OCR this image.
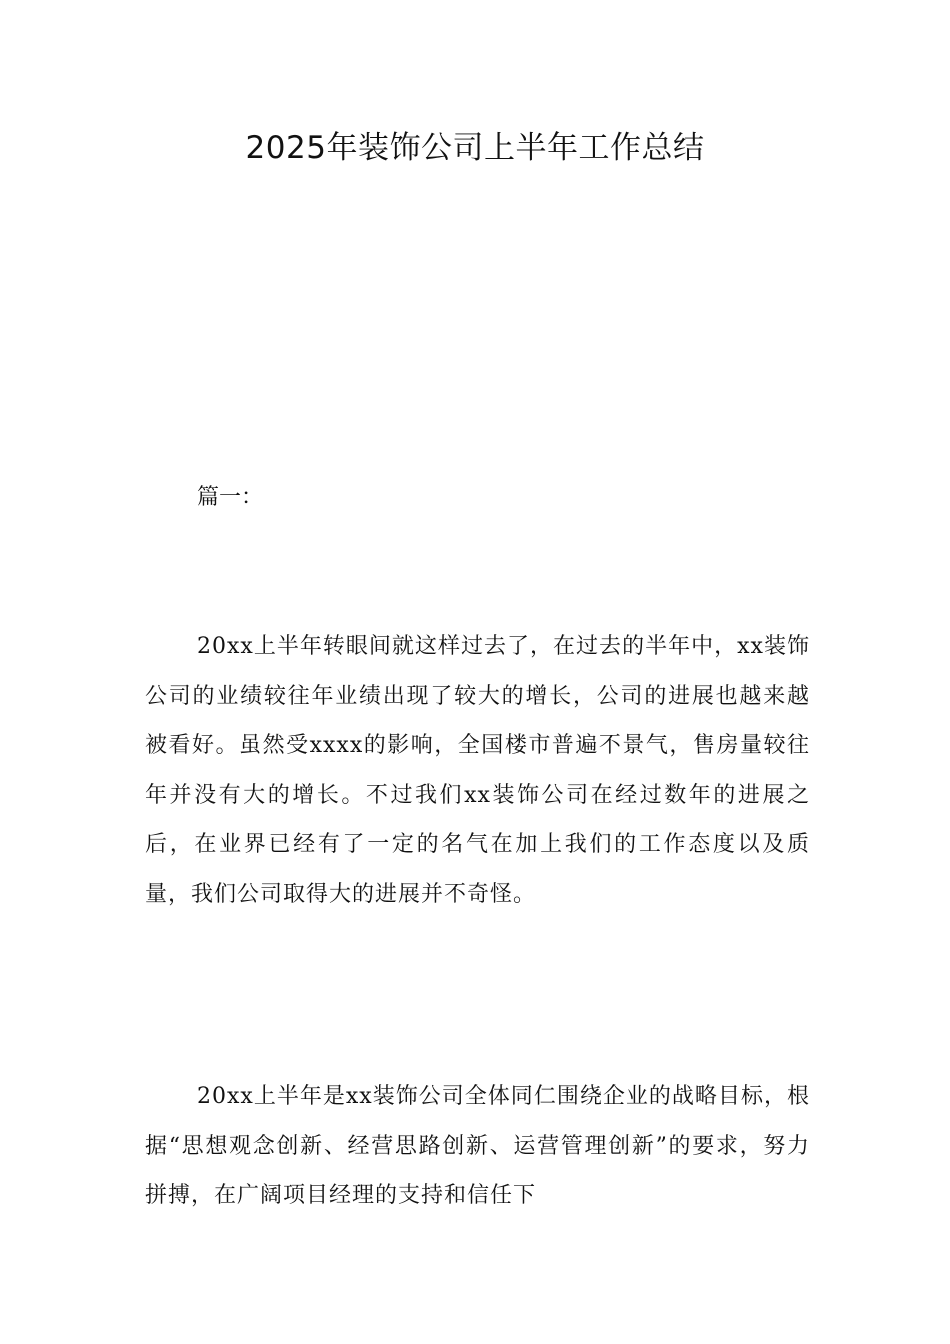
2025年装饰公司上半年工作总结
篇一：

20xx上半年转眼间就这样过去了，在过去的半年中，xx装饰公司的业绩较往年业绩出现了较大的增长，公司的进展也越来越被看好。虽然受xxxx的影响，全国楼市普遍不景气，售房量较往年并没有大的增长。不过我们xx装饰公司在经过数年的进展之后，在业界已经有了一定的名气在加上我们的工作态度以及质量，我们公司取得大的进展并不奇怪。

20xx上半年是xx装饰公司全体同仁围绕企业的战略目标，根据“思想观念创新、经营思路创新、运营管理创新”的要求，努力拼搏，在广阔项目经理的支持和信任下
